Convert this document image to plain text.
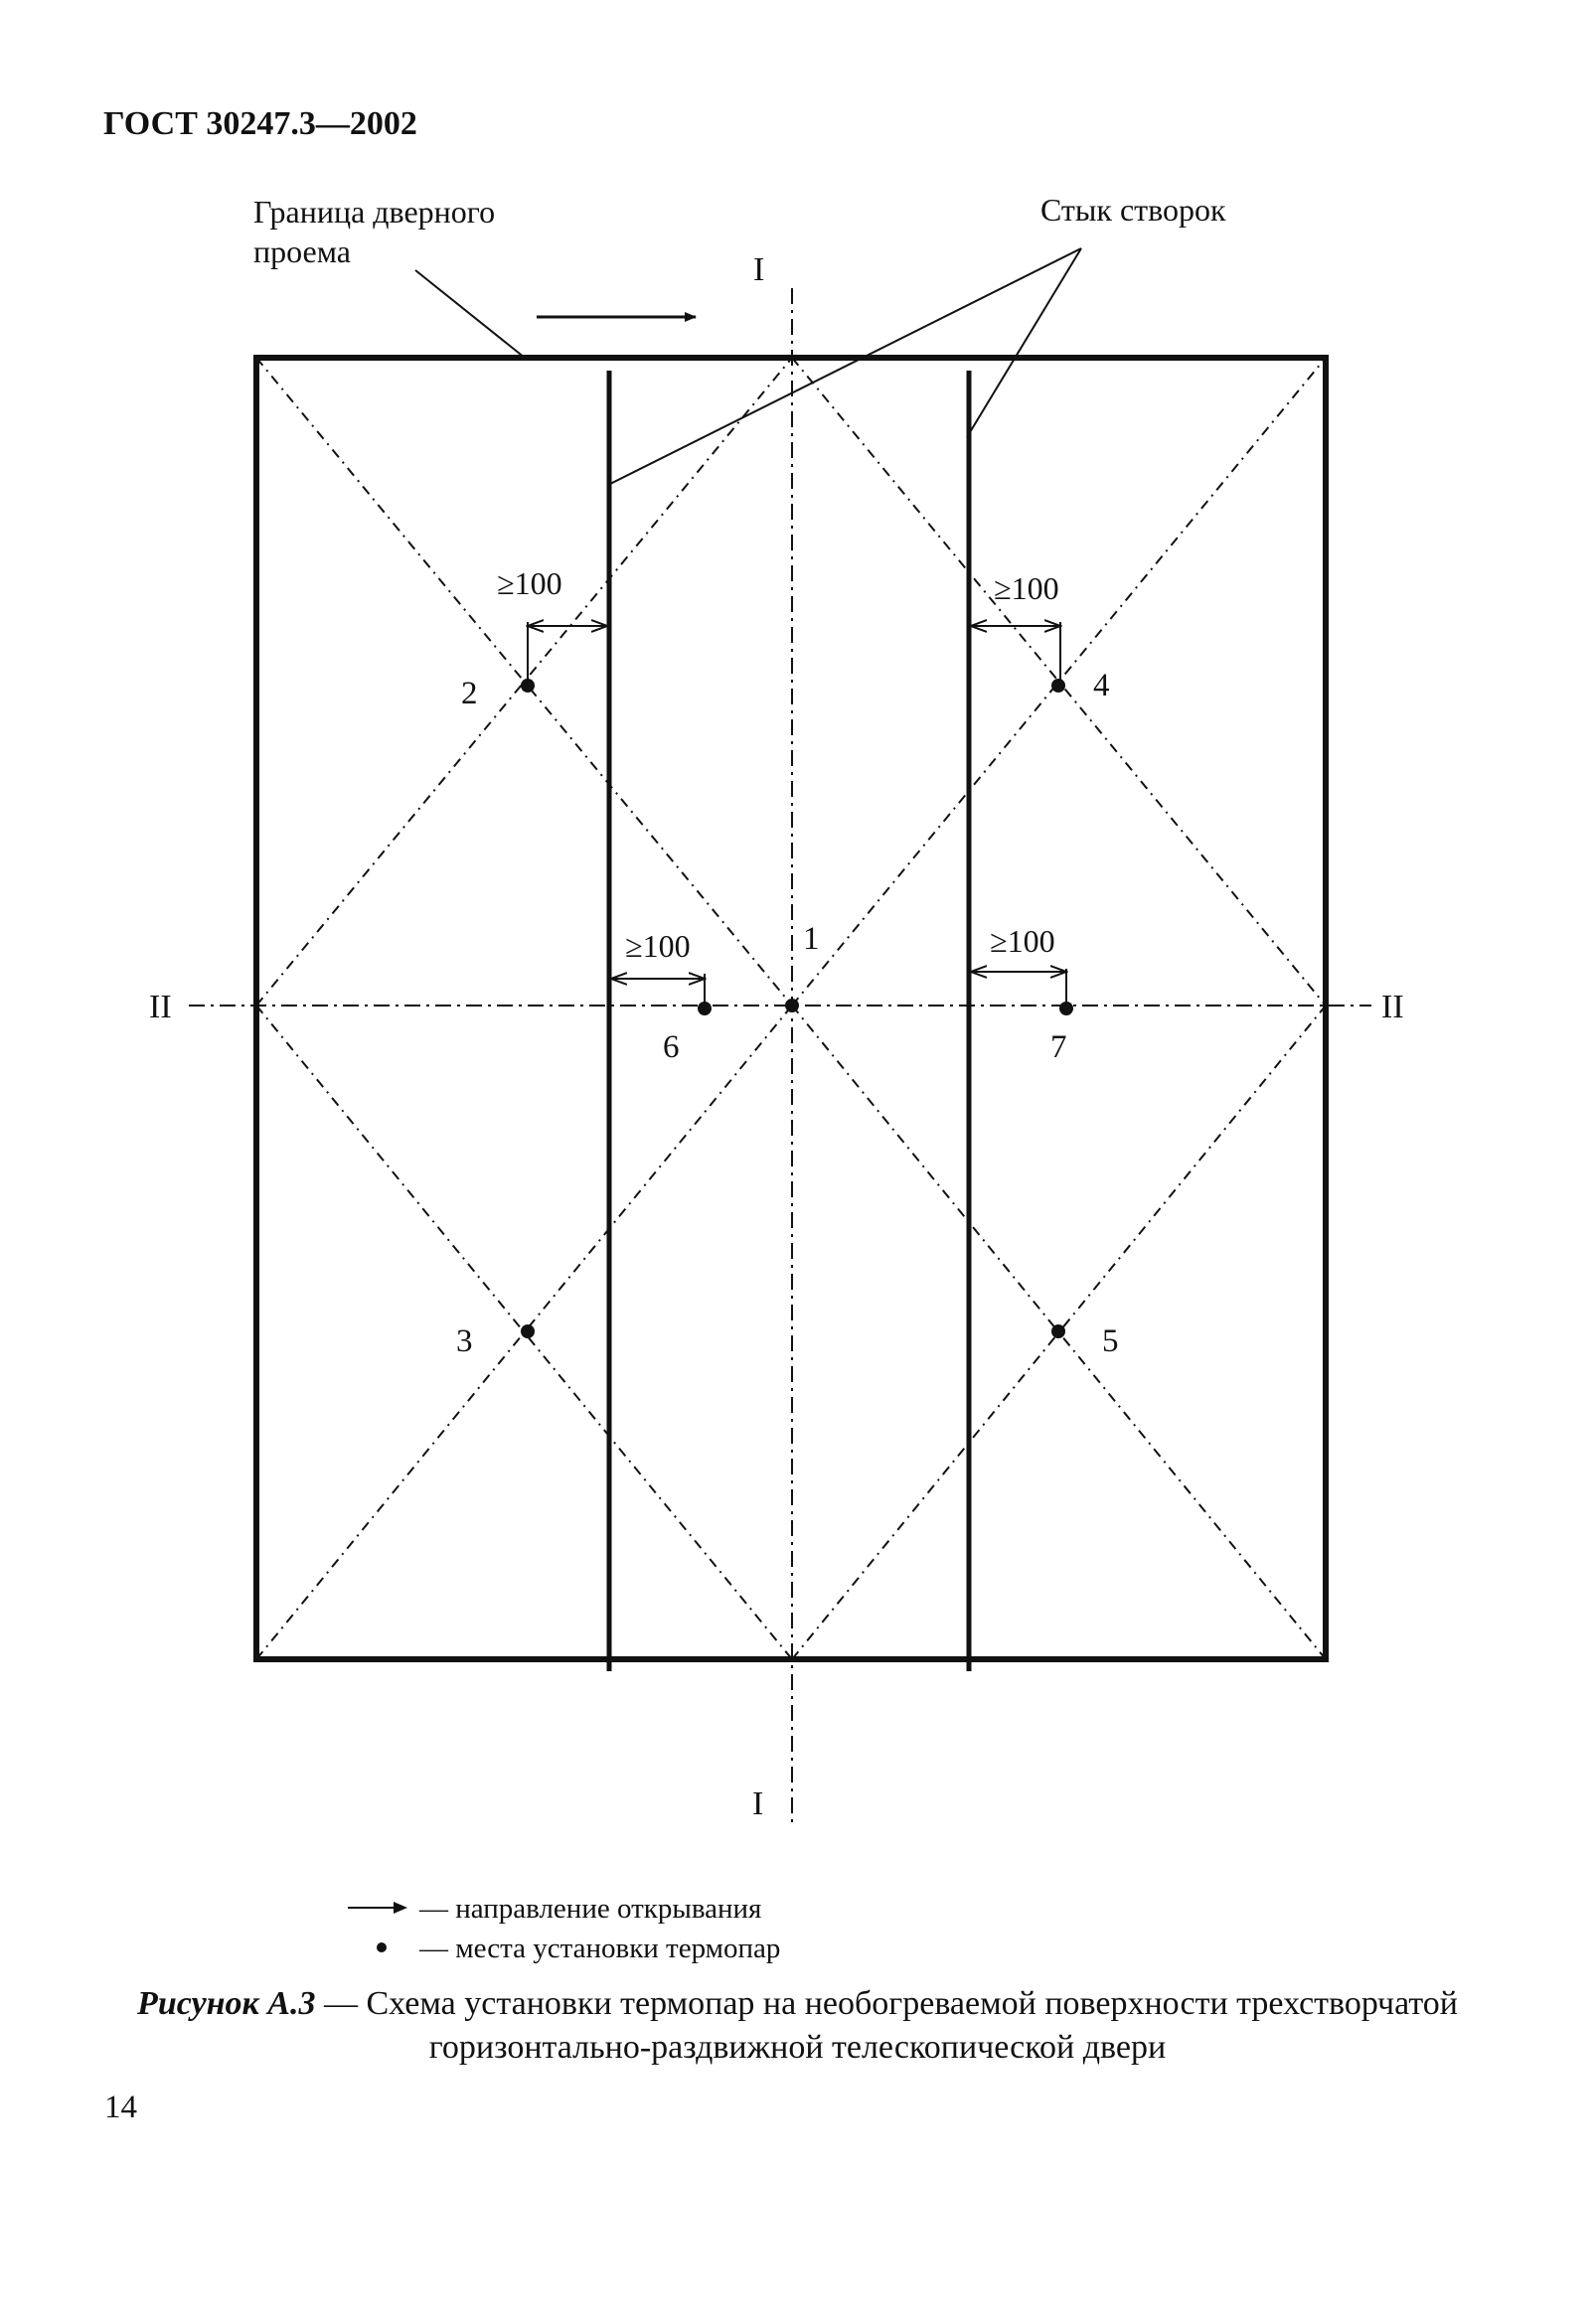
ГОСТ 30247.3—2002
Граница дверного
проема
Стык створок
≥100	≥100
≥100	≥100
1
2
3
4
5
6	7
I
I
II	II
— направление открывания
— места установки термопар
Рисунок А.3 — Схема установки термопар на необогреваемой поверхности трехстворчатой горизонтально-раздвижной телескопической двери
14
